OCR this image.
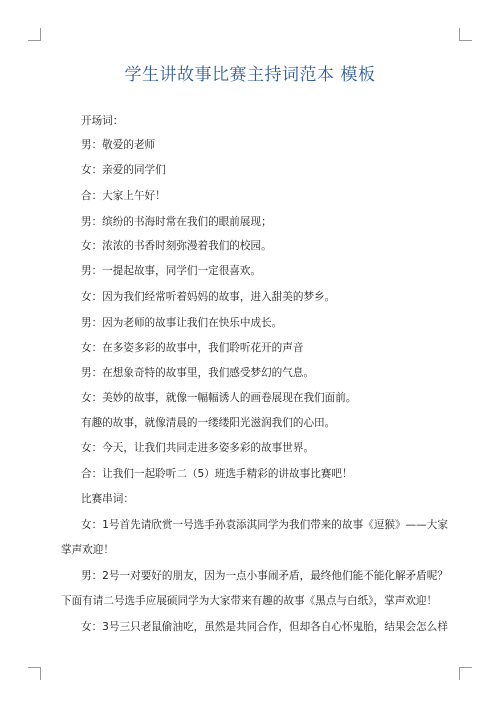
学生讲故事比赛主持词范本 模板
开场词：
男：敬爱的老师
女：亲爱的同学们
合：大家上午好！
男：缤纷的书海时常在我们的眼前展现；
女：浓浓的书香时刻弥漫着我们的校园。
男：一提起故事，同学们一定很喜欢。
女：因为我们经常听着妈妈的故事，进入甜美的梦乡。
男：因为老师的故事让我们在快乐中成长。
女：在多姿多彩的故事中，我们聆听花开的声音
男：在想象奇特的故事里，我们感受梦幻的气息。
女：美妙的故事，就像一幅幅诱人的画卷展现在我们面前。
有趣的故事，就像清晨的一缕缕阳光滋润我们的心田。
女：今天，让我们共同走进多姿多彩的故事世界。
合：让我们一起聆听二（5）班选手精彩的讲故事比赛吧！
比赛串词：
女：1号首先请欣赏一号选手孙袁添淇同学为我们带来的故事《逗猴》——大家
掌声欢迎！
男：2号一对要好的朋友，因为一点小事闹矛盾，最终他们能不能化解矛盾呢？
下面有请二号选手应展硕同学为大家带来有趣的故事《黑点与白纸》，掌声欢迎！
女：3号三只老鼠偷油吃，虽然是共同合作，但却各自心怀鬼胎，结果会怎么样
